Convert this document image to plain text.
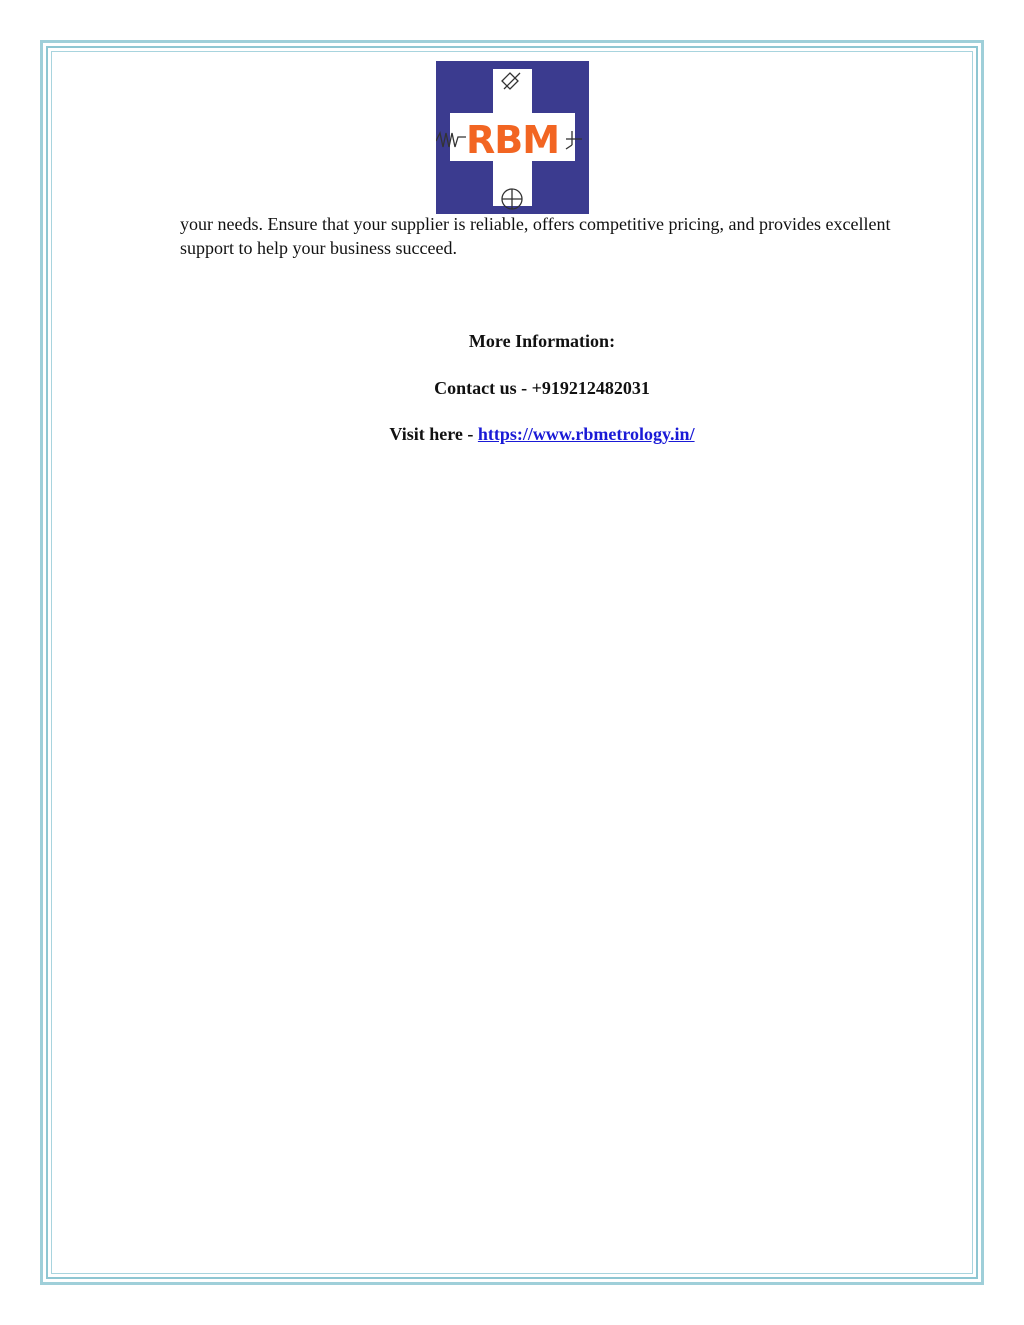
RBM

your needs. Ensure that your supplier is reliable, offers competitive pricing, and provides excellent support to help your business succeed.

More Information:

Contact us - +919212482031

Visit here - https://www.rbmetrology.in/
